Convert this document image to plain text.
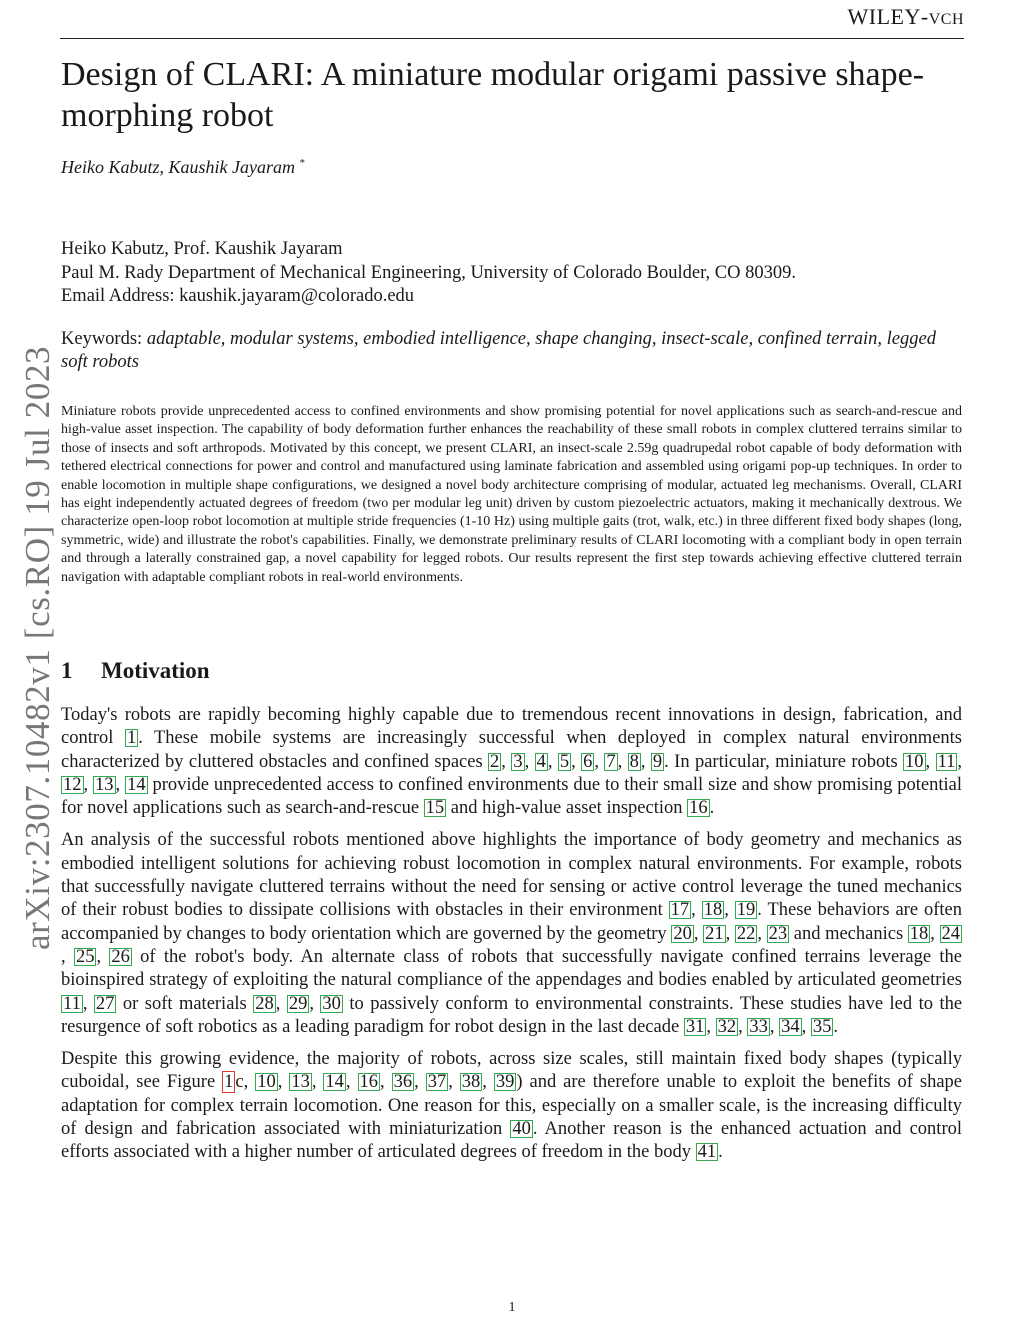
WILEY-VCH
arXiv:2307.10482v1 [cs.RO] 19 Jul 2023
Design of CLARI: A miniature modular origami passive shape-morphing robot
Heiko Kabutz, Kaushik Jayaram *
Heiko Kabutz, Prof. Kaushik Jayaram
Paul M. Rady Department of Mechanical Engineering, University of Colorado Boulder, CO 80309.
Email Address: kaushik.jayaram@colorado.edu
Keywords: adaptable, modular systems, embodied intelligence, shape changing, insect-scale, confined terrain, legged soft robots

Miniature robots provide unprecedented access to confined environments and show promising potential for novel applications such as search-and-rescue and high-value asset inspection. The capability of body deformation further enhances the reachability of these small robots in complex cluttered terrains similar to those of insects and soft arthropods. Motivated by this concept, we present CLARI, an insect-scale 2.59g quadrupedal robot capable of body deformation with tethered electrical connections for power and control and manufactured using laminate fabrication and assembled using origami pop-up techniques. In order to enable locomotion in multiple shape configurations, we designed a novel body architecture comprising of modular, actuated leg mechanisms. Overall, CLARI has eight independently actuated degrees of freedom (two per modular leg unit) driven by custom piezoelectric actuators, making it mechanically dextrous. We characterize open-loop robot locomotion at multiple stride frequencies (1-10 Hz) using multiple gaits (trot, walk, etc.) in three different fixed body shapes (long, symmetric, wide) and illustrate the robot's capabilities. Finally, we demonstrate preliminary results of CLARI locomoting with a compliant body in open terrain and through a laterally constrained gap, a novel capability for legged robots. Our results represent the first step towards achieving effective cluttered terrain navigation with adaptable compliant robots in real-world environments.

1 Motivation

Today's robots are rapidly becoming highly capable due to tremendous recent innovations in design, fabrication, and control 1 . These mobile systems are increasingly successful when deployed in complex natural environments characterized by cluttered obstacles and confined spaces 2 , 3 , 4 , 5 , 6 , 7 , 8 , 9 . In particular, miniature robots 10 , 11 , 12 , 13 , 14 provide unprecedented access to confined environments due to their small size and show promising potential for novel applications such as search-and-rescue 15 and high-value asset inspection 16 .

An analysis of the successful robots mentioned above highlights the importance of body geometry and mechanics as embodied intelligent solutions for achieving robust locomotion in complex natural environments. For example, robots that successfully navigate cluttered terrains without the need for sensing or active control leverage the tuned mechanics of their robust bodies to dissipate collisions with obstacles in their environment 17 , 18 , 19 . These behaviors are often accompanied by changes to body orientation which are governed by the geometry 20 , 21 , 22 , 23 and mechanics 18 , 24, 25 , 26 of the robot's body. An alternate class of robots that successfully navigate confined terrains leverage the bioinspired strategy of exploiting the natural compliance of the appendages and bodies enabled by articulated geometries 11 , 27 or soft materials 28 , 29 , 30 to passively conform to environmental constraints. These studies have led to the resurgence of soft robotics as a leading paradigm for robot design in the last decade 31 , 32 , 33 , 34 , 35 .

Despite this growing evidence, the majority of robots, across size scales, still maintain fixed body shapes (typically cuboidal, see Figure 1 c, 10 , 13 , 14 , 16 , 36 , 37 , 38 , 39 ) and are therefore unable to exploit the benefits of shape adaptation for complex terrain locomotion. One reason for this, especially on a smaller scale, is the increasing difficulty of design and fabrication associated with miniaturization 40 . Another reason is the enhanced actuation and control efforts associated with a higher number of articulated degrees of freedom in the body 41 .

1
